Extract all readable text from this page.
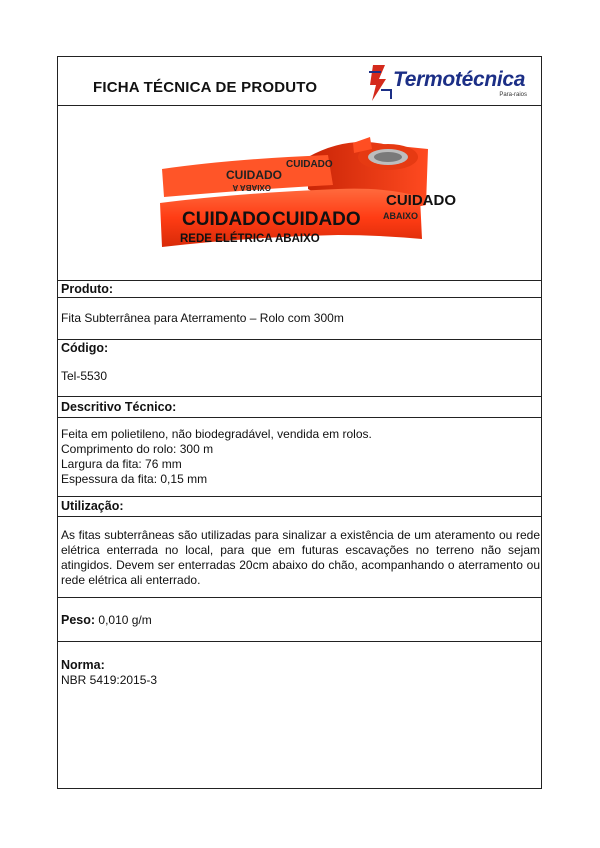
FICHA TÉCNICA DE PRODUTO	Termotécnica
Para-raios
CUIDADO
OXIABA A
CUIDADO
ABAIXO
CUIDADO CUIDADO
REDE ELÉTRICA ABAIXO
CUIDADO
Produto:
Fita Subterrânea para Aterramento – Rolo com 300m
Código:
Tel-5530
Descritivo Técnico:
Feita em polietileno, não biodegradável, vendida em rolos.
Comprimento do rolo: 300 m
Largura da fita: 76 mm
Espessura da fita: 0,15 mm
Utilização:
As fitas subterrâneas são utilizadas para sinalizar a existência de um ateramento ou rede elétrica enterrada no local, para que em futuras escavações no terreno não sejam atingidos. Devem ser enterradas 20cm abaixo do chão, acompanhando o aterramento ou rede elétrica ali enterrado.
Peso: 0,010 g/m
Norma:
NBR 5419:2015-3
